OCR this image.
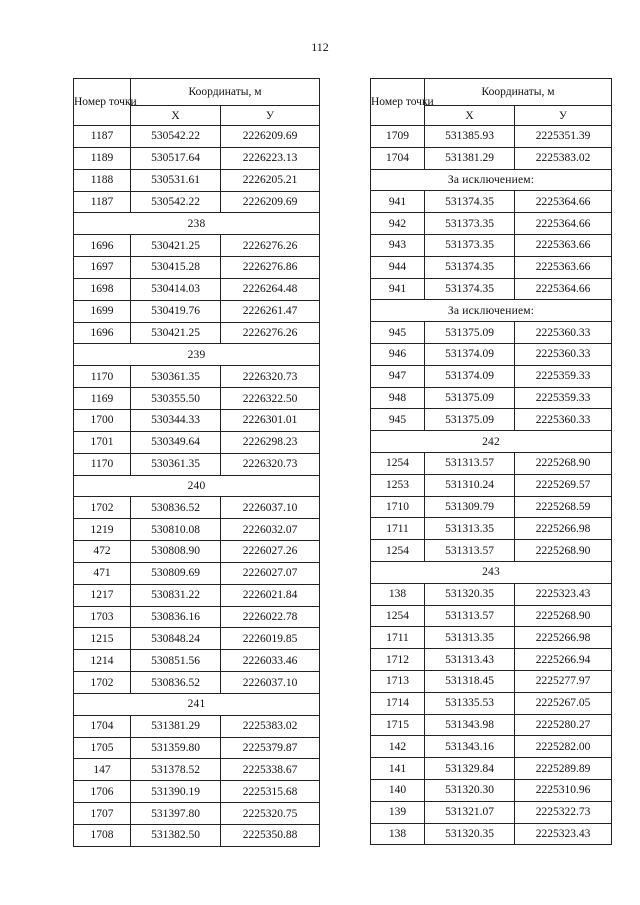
112
Номер точки	Координаты, м	
	Х	У
1187	530542.22	2226209.69
1189	530517.64	2226223.13
1188	530531.61	2226205.21
1187	530542.22	2226209.69
238		
1696	530421.25	2226276.26
1697	530415.28	2226276.86
1698	530414.03	2226264.48
1699	530419.76	2226261.47
1696	530421.25	2226276.26
239		
1170	530361.35	2226320.73
1169	530355.50	2226322.50
1700	530344.33	2226301.01
1701	530349.64	2226298.23
1170	530361.35	2226320.73
240		
1702	530836.52	2226037.10
1219	530810.08	2226032.07
472	530808.90	2226027.26
471	530809.69	2226027.07
1217	530831.22	2226021.84
1703	530836.16	2226022.78
1215	530848.24	2226019.85
1214	530851.56	2226033.46
1702	530836.52	2226037.10
241		
1704	531381.29	2225383.02
1705	531359.80	2225379.87
147	531378.52	2225338.67
1706	531390.19	2225315.68
1707	531397.80	2225320.75
1708	531382.50	2225350.88
Номер точки	Координаты, м	
	Х	У
1709	531385.93	2225351.39
1704	531381.29	2225383.02
За исключением:		
941	531374.35	2225364.66
942	531373.35	2225364.66
943	531373.35	2225363.66
944	531374.35	2225363.66
941	531374.35	2225364.66
За исключением:		
945	531375.09	2225360.33
946	531374.09	2225360.33
947	531374.09	2225359.33
948	531375.09	2225359.33
945	531375.09	2225360.33
242		
1254	531313.57	2225268.90
1253	531310.24	2225269.57
1710	531309.79	2225268.59
1711	531313.35	2225266.98
1254	531313.57	2225268.90
243		
138	531320.35	2225323.43
1254	531313.57	2225268.90
1711	531313.35	2225266.98
1712	531313.43	2225266.94
1713	531318.45	2225277.97
1714	531335.53	2225267.05
1715	531343.98	2225280.27
142	531343.16	2225282.00
141	531329.84	2225289.89
140	531320.30	2225310.96
139	531321.07	2225322.73
138	531320.35	2225323.43
